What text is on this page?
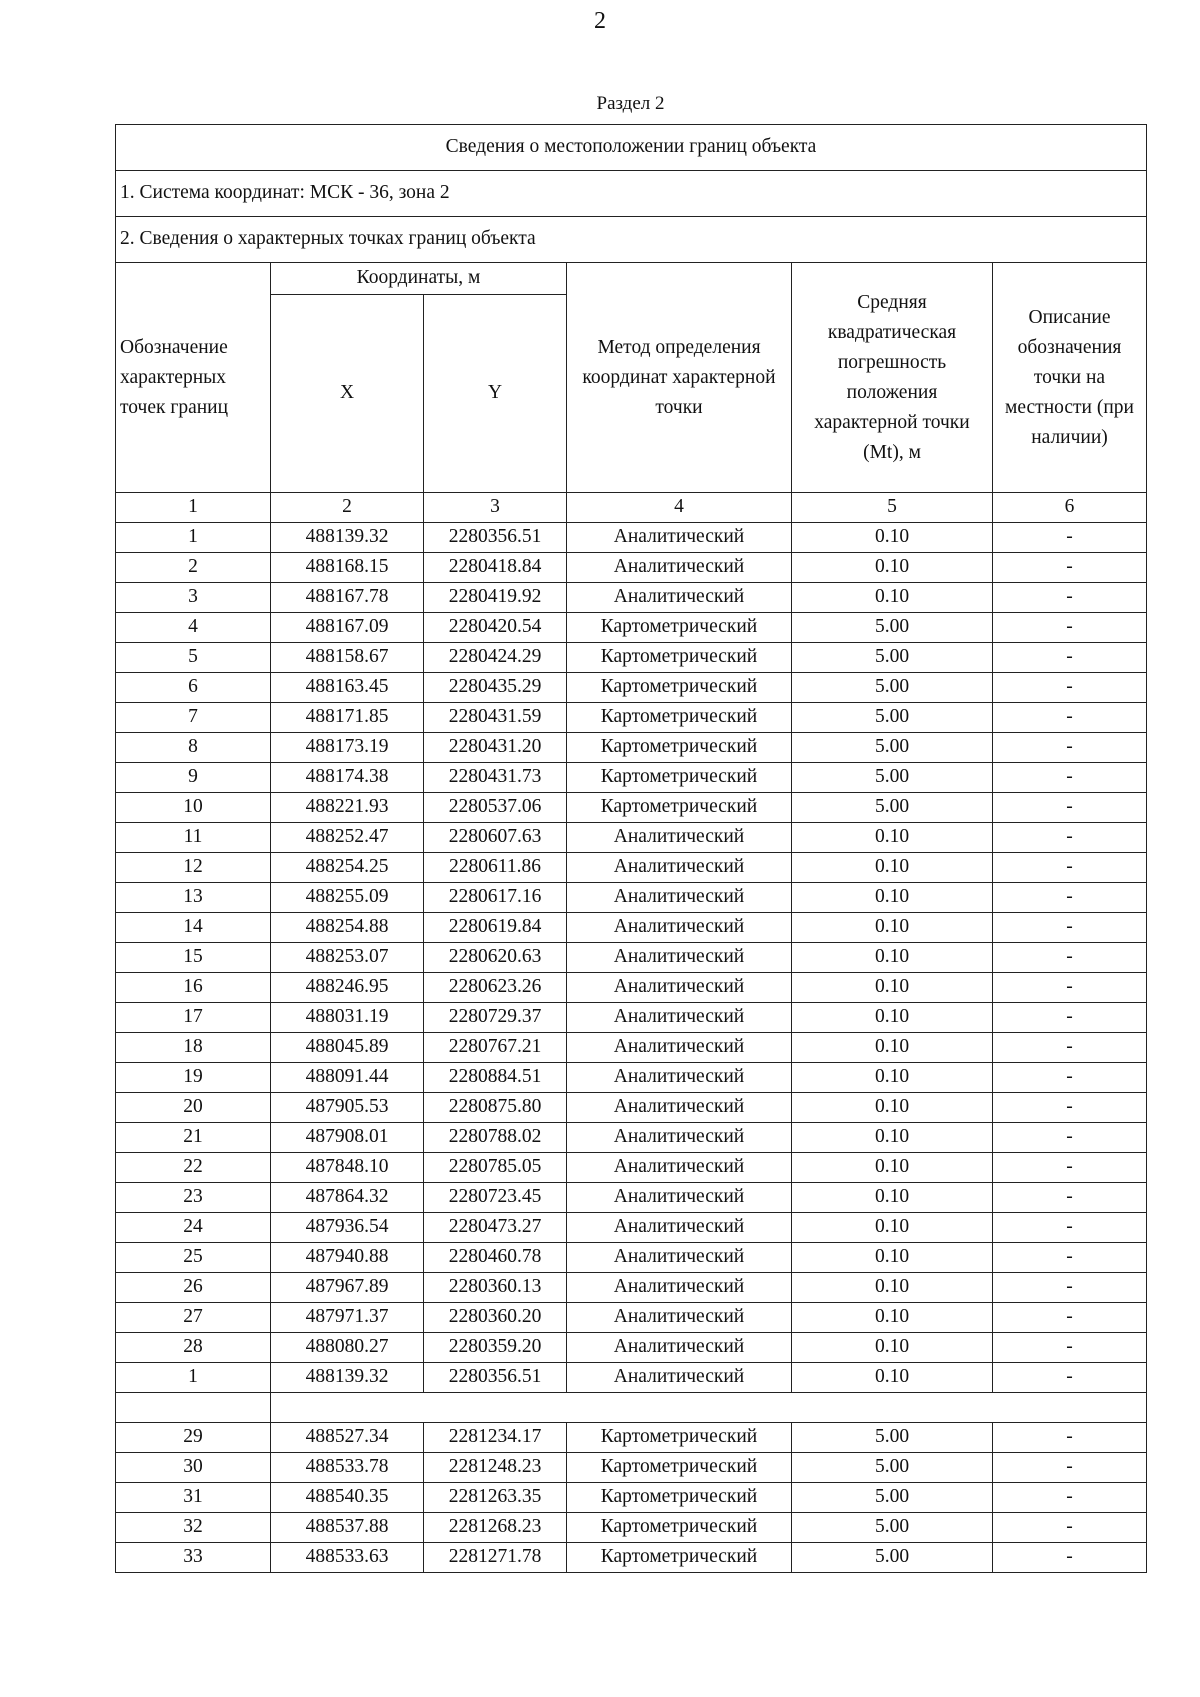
2
Раздел 2
Сведения о местоположении границ объекта					
1. Система координат: МСК - 36, зона 2					
2. Сведения о характерных точках границ объекта					
Обозначение характерных точек границ	Координаты, м		Метод определения координат характерной точки	Средняя квадратическая погрешность положения характерной точки (Mt), м	Описание обозначения точки на местности (при наличии)
	X	Y			
1	2	3	4	5	6
1	488139.32	2280356.51	Аналитический	0.10	-
2	488168.15	2280418.84	Аналитический	0.10	-
3	488167.78	2280419.92	Аналитический	0.10	-
4	488167.09	2280420.54	Картометрический	5.00	-
5	488158.67	2280424.29	Картометрический	5.00	-
6	488163.45	2280435.29	Картометрический	5.00	-
7	488171.85	2280431.59	Картометрический	5.00	-
8	488173.19	2280431.20	Картометрический	5.00	-
9	488174.38	2280431.73	Картометрический	5.00	-
10	488221.93	2280537.06	Картометрический	5.00	-
11	488252.47	2280607.63	Аналитический	0.10	-
12	488254.25	2280611.86	Аналитический	0.10	-
13	488255.09	2280617.16	Аналитический	0.10	-
14	488254.88	2280619.84	Аналитический	0.10	-
15	488253.07	2280620.63	Аналитический	0.10	-
16	488246.95	2280623.26	Аналитический	0.10	-
17	488031.19	2280729.37	Аналитический	0.10	-
18	488045.89	2280767.21	Аналитический	0.10	-
19	488091.44	2280884.51	Аналитический	0.10	-
20	487905.53	2280875.80	Аналитический	0.10	-
21	487908.01	2280788.02	Аналитический	0.10	-
22	487848.10	2280785.05	Аналитический	0.10	-
23	487864.32	2280723.45	Аналитический	0.10	-
24	487936.54	2280473.27	Аналитический	0.10	-
25	487940.88	2280460.78	Аналитический	0.10	-
26	487967.89	2280360.13	Аналитический	0.10	-
27	487971.37	2280360.20	Аналитический	0.10	-
28	488080.27	2280359.20	Аналитический	0.10	-
1	488139.32	2280356.51	Аналитический	0.10	-

29	488527.34	2281234.17	Картометрический	5.00	-
30	488533.78	2281248.23	Картометрический	5.00	-
31	488540.35	2281263.35	Картометрический	5.00	-
32	488537.88	2281268.23	Картометрический	5.00	-
33	488533.63	2281271.78	Картометрический	5.00	-
